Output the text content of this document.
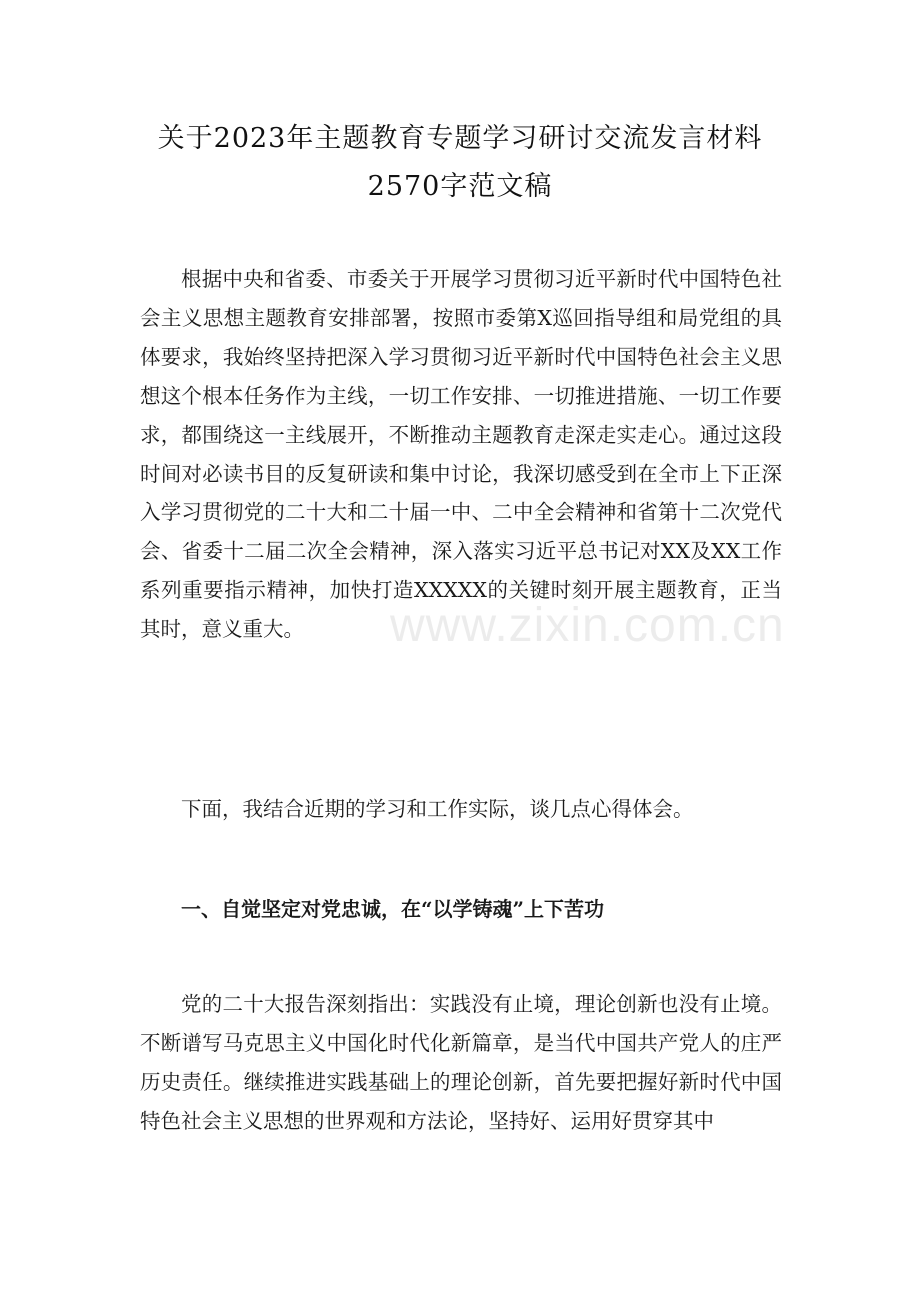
关于2023年主题教育专题学习研讨交流发言材料
2570字范文稿

根据中央和省委、市委关于开展学习贯彻习近平新时代中国特色社会主义思想主题教育安排部署，按照市委第X巡回指导组和局党组的具体要求，我始终坚持把深入学习贯彻习近平新时代中国特色社会主义思想这个根本任务作为主线，一切工作安排、一切推进措施、一切工作要求，都围绕这一主线展开，不断推动主题教育走深走实走心。通过这段时间对必读书目的反复研读和集中讨论，我深切感受到在全市上下正深入学习贯彻党的二十大和二十届一中、二中全会精神和省第十二次党代会、省委十二届二次全会精神，深入落实习近平总书记对XX及XX工作系列重要指示精神，加快打造XXXXX的关键时刻开展主题教育，正当其时，意义重大。

下面，我结合近期的学习和工作实际，谈几点心得体会。

一、自觉坚定对党忠诚，在“以学铸魂”上下苦功

党的二十大报告深刻指出：实践没有止境，理论创新也没有止境。不断谱写马克思主义中国化时代化新篇章，是当代中国共产党人的庄严历史责任。继续推进实践基础上的理论创新，首先要把握好新时代中国特色社会主义思想的世界观和方法论，坚持好、运用好贯穿其中

www.zixin.com.cn
